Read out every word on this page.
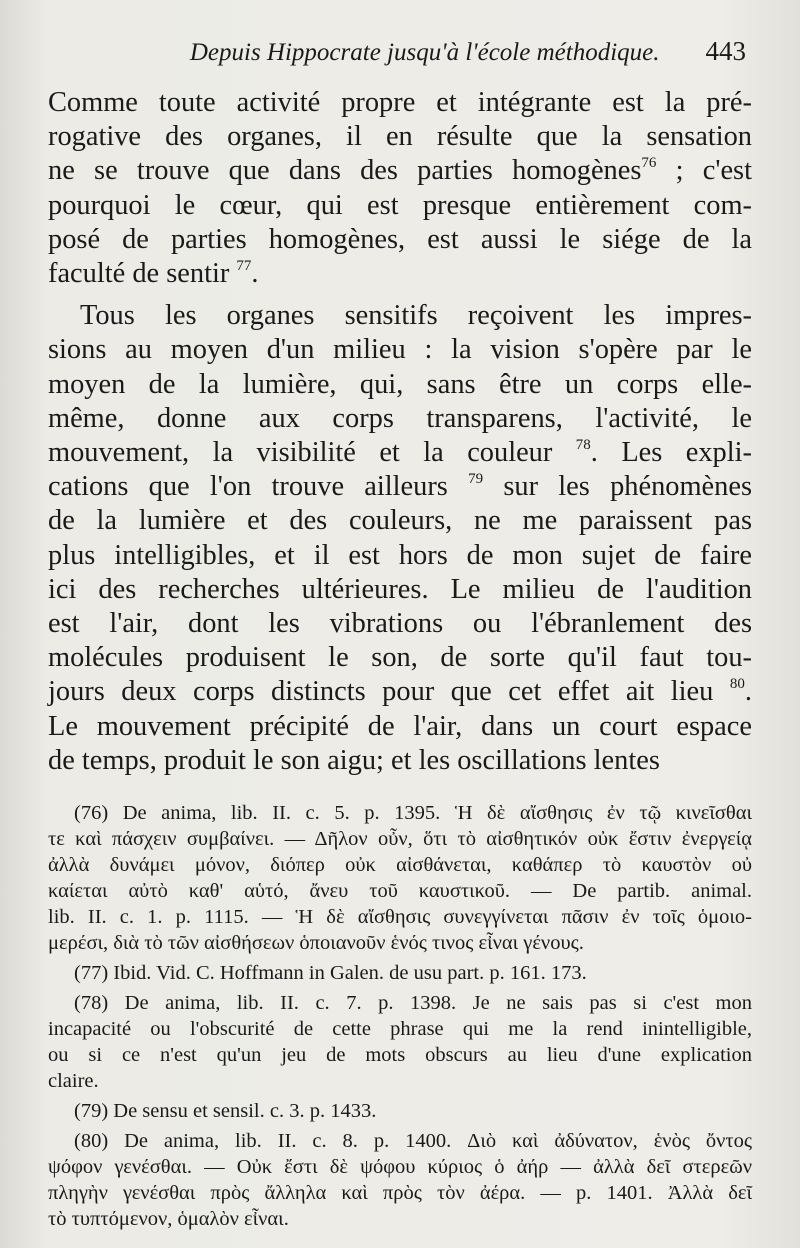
Depuis Hippocrate jusqu'à l'école méthodique. 443

Comme toute activité propre et intégrante est la pré-
rogative des organes, il en résulte que la sensation
ne se trouve que dans des parties homogènes$^{76}$ ; c'est
pourquoi le cœur, qui est presque entièrement com-
posé de parties homogènes, est aussi le siége de la
faculté de sentir $^{77}$.

Tous les organes sensitifs reçoivent les impres-
sions au moyen d'un milieu : la vision s'opère par le
moyen de la lumière, qui, sans être un corps elle-
même, donne aux corps transparens, l'activité, le
mouvement, la visibilité et la couleur $^{78}$. Les expli-
cations que l'on trouve ailleurs $^{79}$ sur les phénomènes
de la lumière et des couleurs, ne me paraissent pas
plus intelligibles, et il est hors de mon sujet de faire
ici des recherches ultérieures. Le milieu de l'audition
est l'air, dont les vibrations ou l'ébranlement des
molécules produisent le son, de sorte qu'il faut tou-
jours deux corps distincts pour que cet effet ait lieu $^{80}$.
Le mouvement précipité de l'air, dans un court espace
de temps, produit le son aigu; et les oscillations lentes

(76) De anima, lib. II. c. 5. p. 1395. Ἡ δὲ αἴσθησις ἐν τῷ κινεῖσθαι
τε καὶ πάσχειν συμβαίνει. — Δῆλον οὖν, ὅτι τὸ αἰσθητικόν οὐκ ἔστιν ἐνεργείᾳ
ἀλλὰ δυνάμει μόνον, διόπερ οὐκ αἰσθάνεται, καθάπερ τὸ καυστὸν οὐ
καίεται αὐτὸ καθ' αὑτό, ἄνευ τοῦ καυστικοῦ. — De partib. animal.
lib. II. c. 1. p. 1115. — Ἡ δὲ αἴσθησις συνεγγίνεται πᾶσιν ἐν τοῖς ὁμοιο-
μερέσι, διὰ τὸ τῶν αἰσθήσεων ὁποιανοῦν ἑνός τινος εἶναι γένους.

(77) Ibid. Vid. C. Hoffmann in Galen. de usu part. p. 161. 173.

(78) De anima, lib. II. c. 7. p. 1398. Je ne sais pas si c'est mon
incapacité ou l'obscurité de cette phrase qui me la rend inintelligible,
ou si ce n'est qu'un jeu de mots obscurs au lieu d'une explication
claire.

(79) De sensu et sensil. c. 3. p. 1433.

(80) De anima, lib. II. c. 8. p. 1400. Διὸ καὶ ἀδύνατον, ἑνὸς ὄντος
ψόφον γενέσθαι. — Οὐκ ἔστι δὲ ψόφου κύριος ὁ ἀήρ — ἀλλὰ δεῖ στερεῶν
πληγὴν γενέσθαι πρὸς ἄλληλα καὶ πρὸς τὸν ἀέρα. — p. 1401. Ἀλλὰ δεῖ
τὸ τυπτόμενον, ὁμαλὸν εἶναι.
